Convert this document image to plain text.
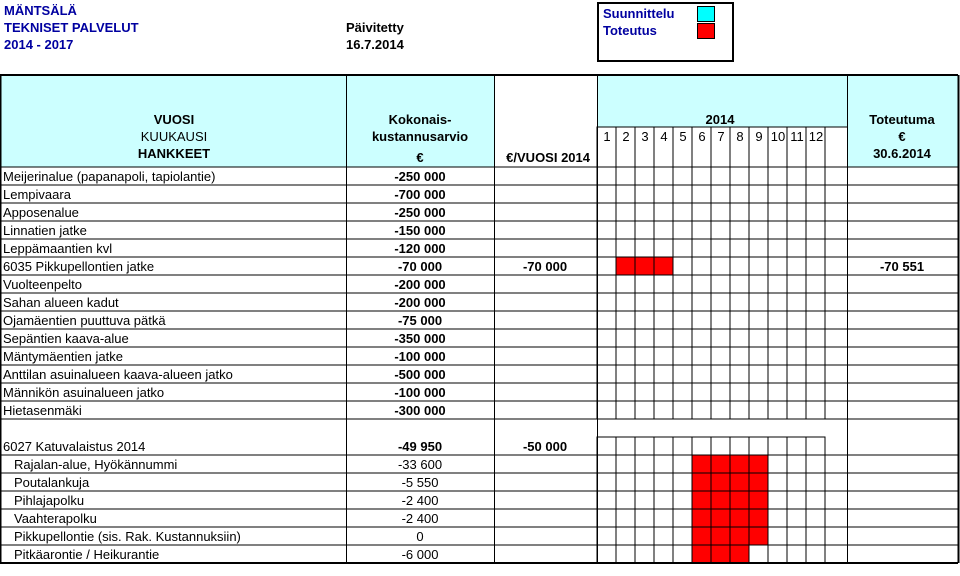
MÄNTSÄLÄ
TEKNISET PALVELUT
2014 - 2017
Päivitetty
16.7.2014
Suunnittelu
Toteutus
VUOSI
KUUKAUSI
HANKKEET
Kokonais-
kustannusarvio
€	€/VUOSI 2014
2014
1 2 3 4 5 6 7 8 9 10 11 12
Toteutuma
€
30.6.2014
Meijerinalue (papanapoli, tapiolantie)	-250 000
Lempivaara	-700 000
Apposenalue	-250 000
Linnatien jatke	-150 000
Leppämaantien kvl	-120 000
6035 Pikkupellontien jatke	-70 000	-70 000	-70 551
Vuolteenpelto	-200 000
Sahan alueen kadut	-200 000
Ojamäentien puuttuva pätkä	-75 000
Sepäntien kaava-alue	-350 000
Mäntymäentien jatke	-100 000
Anttilan asuinalueen kaava-alueen jatko	-500 000
Männikön asuinalueen jatko	-100 000
Hietasenmäki	-300 000
6027 Katuvalaistus 2014	-49 950	-50 000
Rajalan-alue, Hyökännummi	-33 600
Poutalankuja	-5 550
Pihlajapolku	-2 400
Vaahterapolku	-2 400
Pikkupellontie (sis. Rak. Kustannuksiin)	0
Pitkäarontie / Heikurantie	-6 000
